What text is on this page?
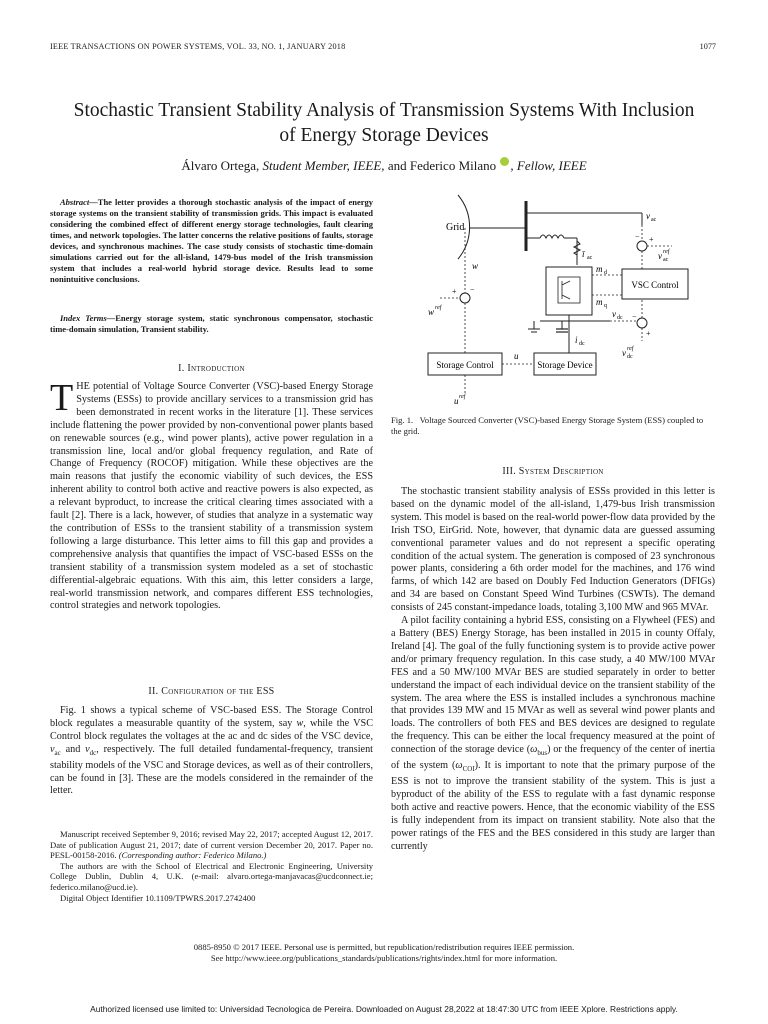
IEEE TRANSACTIONS ON POWER SYSTEMS, VOL. 33, NO. 1, JANUARY 2018	1077
Stochastic Transient Stability Analysis of Transmission Systems With Inclusion
of Energy Storage Devices
Álvaro Ortega, Student Member, IEEE, and Federico Milano , Fellow, IEEE
Abstract—The letter provides a thorough stochastic analysis of the impact of energy storage systems on the transient stability of transmission grids. This impact is evaluated considering the combined effect of different energy storage technologies, fault clearing times, and network topologies. The latter concerns the relative positions of faults, storage devices, and synchronous machines. The case study consists of stochastic time-domain simulations carried out for the all-island, 1479-bus model of the Irish transmission system that includes a real-world hybrid storage device. Results lead to some nonintuitive conclusions.
Index Terms—Energy storage system, static synchronous compensator, stochastic time-domain simulation, Transient stability.
I. Introduction
THE potential of Voltage Source Converter (VSC)-based Energy Storage Systems (ESSs) to provide ancillary services to a transmission grid has been demonstrated in recent works in the literature [1]. These services include flattening the power provided by non-conventional power plants based on renewable sources (e.g., wind power plants), active power regulation in a transmission line, local and/or global frequency regulation, and Rate of Change of Frequency (ROCOF) mitigation. While these objectives are the main reasons that justify the economic viability of such devices, the ESS inherent ability to control both active and reactive powers is also expected, as a relevant byproduct, to increase the critical clearing times associated with a fault [2]. There is a lack, however, of studies that analyze in a systematic way the contribution of ESSs to the transient stability of a transmission system following a large disturbance. This letter aims to fill this gap and provides a comprehensive analysis that quantifies the impact of VSC-based ESSs on the transient stability of a transmission system modeled as a set of stochastic differential-algebraic equations. With this aim, this letter considers a large, real-world transmission network, and compares different ESS technologies, control strategies and network topologies.
II. Configuration of the ESS
Fig. 1 shows a typical scheme of VSC-based ESS. The Storage Control block regulates a measurable quantity of the system, say w, while the VSC Control block regulates the voltages at the ac and dc sides of the VSC device, $v_{ac}$ and $v_{dc}$, respectively. The full detailed fundamental-frequency, transient stability models of the VSC and Storage devices, as well as of their controllers, can be found in [3]. These are the models considered in the remainder of the letter.

Manuscript received September 9, 2016; revised May 22, 2017; accepted August 12, 2017. Date of publication August 21, 2017; date of current version December 20, 2017. Paper no. PESL-00158-2016. (Corresponding author: Federico Milano.)

The authors are with the School of Electrical and Electronic Engineering, University College Dublin, Dublin 4, U.K. (e-mail: alvaro.ortega-manjavacas@ucdconnect.ie; federico.milano@ucd.ie).

Digital Object Identifier 10.1109/TPWRS.2017.2742400

Grid
ī ac
m d
m q
VSC Control
v ac
− +
v ac
ref
i dc
v dc −
+
v dc
ref
Storage Device
Storage Control
u
u ref
w
−
+
w ref
Fig. 1. Voltage Sourced Converter (VSC)-based Energy Storage System (ESS) coupled to the grid.
III. System Description

The stochastic transient stability analysis of ESSs provided in this letter is based on the dynamic model of the all-island, 1,479-bus Irish transmission system. This model is based on the real-world power-flow data provided by the Irish TSO, EirGrid. Note, however, that dynamic data are guessed assuming conventional parameter values and do not represent a specific operating condition of the actual system. The generation is composed of 23 synchronous power plants, considering a 6th order model for the machines, and 176 wind farms, of which 142 are based on Doubly Fed Induction Generators (DFIGs) and 34 are based on Constant Speed Wind Turbines (CSWTs). The demand consists of 245 constant-impedance loads, totaling 3,100 MW and 965 MVAr.

A pilot facility containing a hybrid ESS, consisting on a Flywheel (FES) and a Battery (BES) Energy Storage, has been installed in 2015 in county Offaly, Ireland [4]. The goal of the fully functioning system is to provide active power and/or primary frequency regulation. In this case study, a 40 MW/100 MVAr FES and a 50 MW/100 MVAr BES are studied separately in order to better understand the impact of each individual device on the transient stability of the system. The area where the ESS is installed includes a synchronous machine that provides 139 MW and 15 MVAr as well as several wind power plants and loads. The controllers of both FES and BES devices are designed to regulate the frequency. This can be either the local frequency measured at the point of connection of the storage device $(\omega_{bus})$ or the frequency of the center of inertia of the system $(\omega_{COI})$. It is important to note that the primary purpose of the ESS is not to improve the transient stability of the system. This is just a byproduct of the ability of the ESS to regulate with a fast dynamic response both active and reactive powers. Hence, that the economic viability of the ESS is fully independent from its impact on transient stability. Note also that the power ratings of the FES and the BES considered in this study are larger than currently

0885-8950 © 2017 IEEE. Personal use is permitted, but republication/redistribution requires IEEE permission.
See http://www.ieee.org/publications_standards/publications/rights/index.html for more information.
Authorized licensed use limited to: Universidad Tecnologica de Pereira. Downloaded on August 28,2022 at 18:47:30 UTC from IEEE Xplore. Restrictions apply.
